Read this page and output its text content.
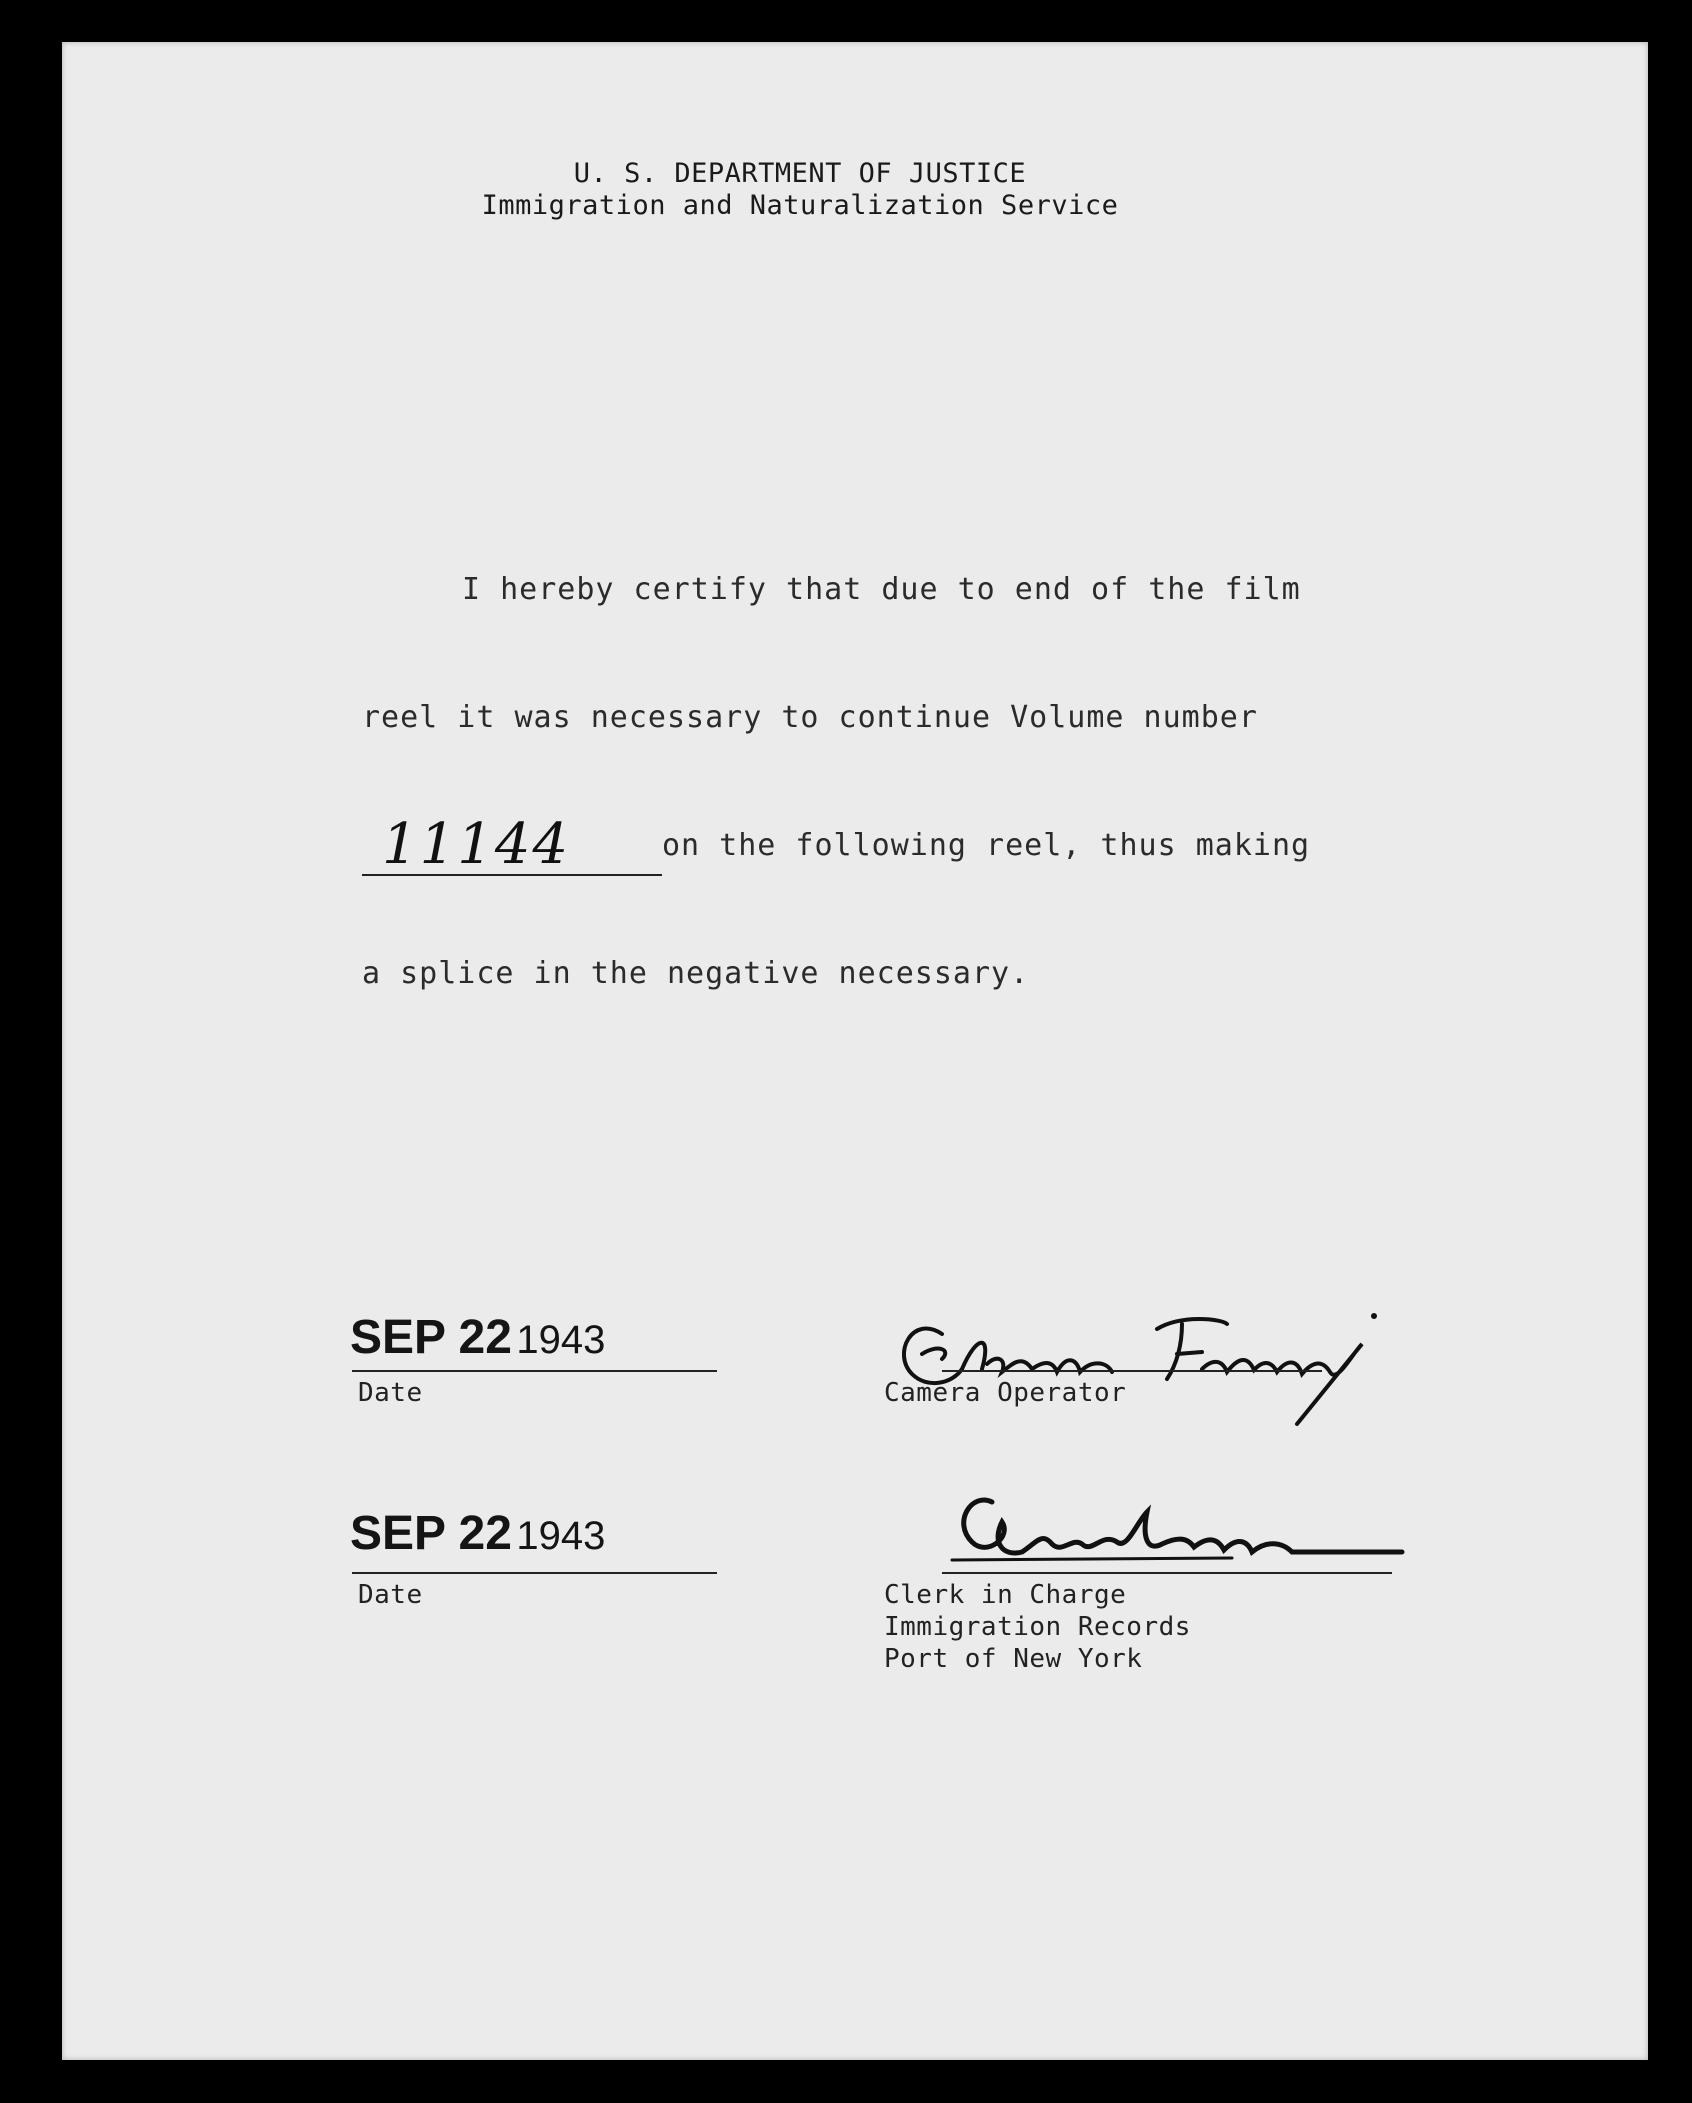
U. S. DEPARTMENT OF JUSTICE
Immigration and Naturalization Service
I hereby certify that due to end of the film
reel it was necessary to continue Volume number
11144	on the following reel, thus making
a splice in the negative necessary.
SEP 22 1943
Date	Camera Operator
SEP 22 1943
Date	Clerk in Charge
Immigration Records
Port of New York
